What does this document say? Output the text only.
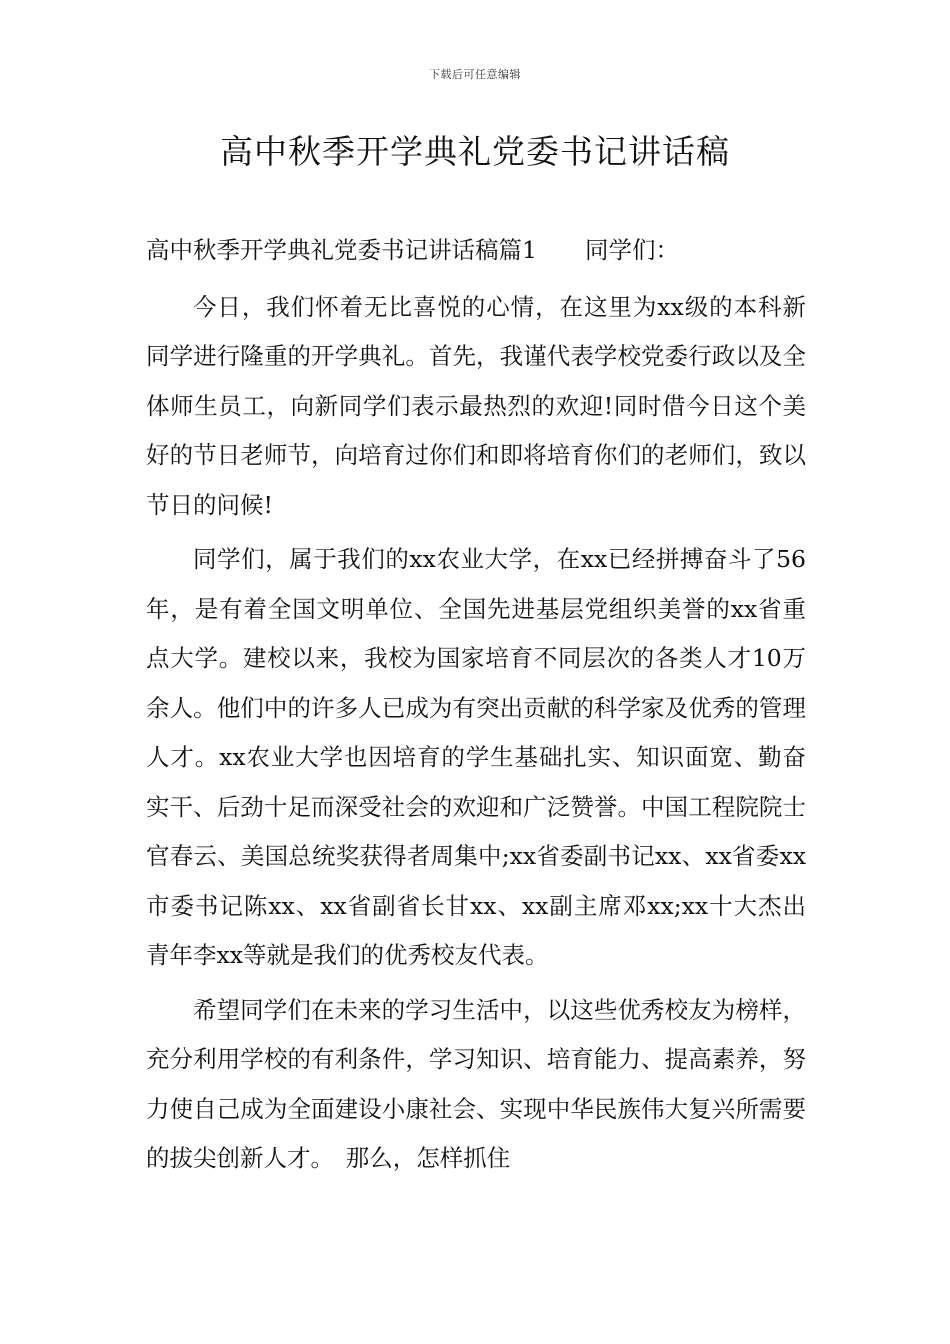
下载后可任意编辑
高中秋季开学典礼党委书记讲话稿

高中秋季开学典礼党委书记讲话稿篇1 同学们：

今日，我们怀着无比喜悦的心情，在这里为xx级的本科新同学进行隆重的开学典礼。首先，我谨代表学校党委行政以及全体师生员工，向新同学们表示最热烈的欢迎!同时借今日这个美好的节日老师节，向培育过你们和即将培育你们的老师们，致以节日的问候!

同学们，属于我们的xx农业大学，在xx已经拼搏奋斗了56年，是有着全国文明单位、全国先进基层党组织美誉的xx省重点大学。建校以来，我校为国家培育不同层次的各类人才10万余人。他们中的许多人已成为有突出贡献的科学家及优秀的管理人才。xx农业大学也因培育的学生基础扎实、知识面宽、勤奋实干、后劲十足而深受社会的欢迎和广泛赞誉。中国工程院院士官春云、美国总统奖获得者周集中;xx省委副书记xx、xx省委xx市委书记陈xx、xx省副省长甘xx、xx副主席邓xx;xx十大杰出青年李xx等就是我们的优秀校友代表。

希望同学们在未来的学习生活中，以这些优秀校友为榜样，充分利用学校的有利条件，学习知识、培育能力、提高素养，努力使自己成为全面建设小康社会、实现中华民族伟大复兴所需要的拔尖创新人才。　那么，怎样抓住
